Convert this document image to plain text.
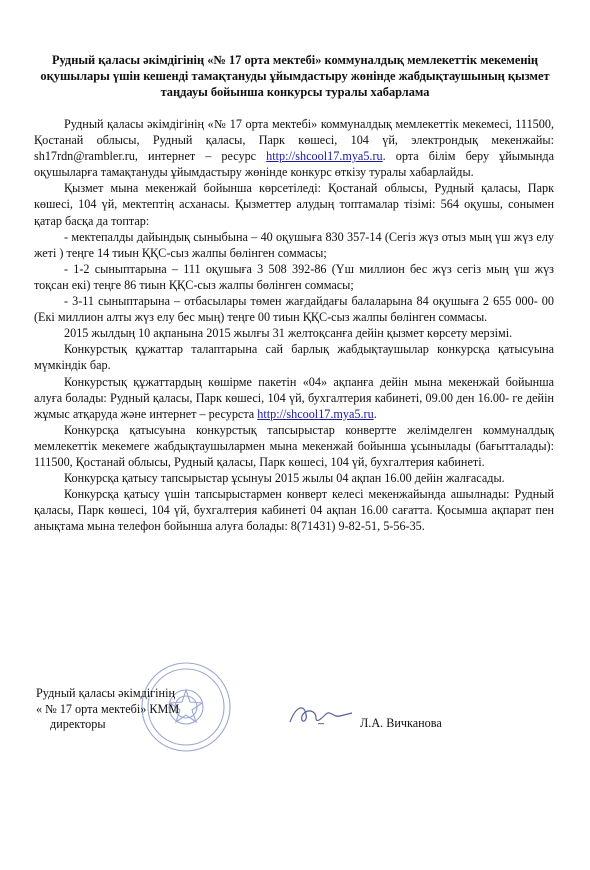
Рудный қаласы әкімдігінің «№ 17 орта мектебі» коммуналдық мемлекеттік мекеменің оқушылары үшін кешенді тамақтануды ұйымдастыру жөнінде жабдықтаушының қызмет таңдауы бойынша конкурсы туралы хабарлама

Рудный қаласы әкімдігінің «№ 17 орта мектебі» коммуналдық мемлекеттік мекемесі, 111500, Қостанай облысы, Рудный қаласы, Парк көшесі, 104 үй, электрондық мекенжайы: sh17rdn@rambler.ru, интернет – ресурс http://shcool17.mya5.ru. орта білім беру ұйымында оқушыларға тамақтануды ұйымдастыру жөнінде конкурс өткізу туралы хабарлайды.

Қызмет мына мекенжай бойынша көрсетіледі: Қостанай облысы, Рудный қаласы, Парк көшесі, 104 үй, мектептің асханасы. Қызметтер алудың топтамалар тізімі: 564 оқушы, сонымен қатар басқа да топтар:

- мектепалды дайындық сыныбына – 40 оқушыға 830 357-14 (Сегіз жүз отыз мың үш жүз елу жеті ) теңге 14 тиын ҚҚС-сыз жалпы бөлінген соммасы;

- 1-2 сыныптарына – 111 оқушыға 3 508 392-86 (Үш миллион бес жүз сегіз мың үш жүз тоқсан екі) теңге 86 тиын ҚҚС-сыз жалпы бөлінген соммасы;

- 3-11 сыныптарына – отбасылары төмен жағдайдағы балаларына 84 оқушыға 2 655 000- 00 (Екі миллион алты жүз елу бес мың) теңге 00 тиын ҚҚС-сыз жалпы бөлінген соммасы.

2015 жылдың 10 ақпанына 2015 жылғы 31 желтоқсанға дейін қызмет көрсету мерзімі.

Конкурстық құжаттар талаптарына сай барлық жабдықтаушылар конкурсқа қатысуына мүмкіндік бар.

Конкурстық құжаттардың көшірме пакетін «04» ақпанға дейін мына мекенжай бойынша алуға болады: Рудный қаласы, Парк көшесі, 104 үй, бухгалтерия кабинеті, 09.00 ден 16.00- ге дейін жұмыс атқаруда және интернет – ресурста http://shcool17.mya5.ru.

Конкурсқа қатысуына конкурстық тапсырыстар конвертте желімделген коммуналдық мемлекеттік мекемеге жабдықтаушылармен мына мекенжай бойынша ұсынылады (бағытталады): 111500, Қостанай облысы, Рудный қаласы, Парк көшесі, 104 үй, бухгалтерия кабинеті.

Конкурсқа қатысу тапсырыстар ұсынуы 2015 жылы 04 ақпан 16.00 дейін жалғасады.

Конкурсқа қатысу үшін тапсырыстармен конверт келесі мекенжайында ашылнады: Рудный қаласы, Парк көшесі, 104 үй, бухгалтерия кабинеті 04 ақпан 16.00 сағатта. Қосымша ақпарат пен анықтама мына телефон бойынша алуға болады: 8(71431) 9-82-51, 5-56-35.

Рудный қаласы әкімдігінің
« № 17 орта мектебі» КММ
директоры	–	Л.А. Вичканова
